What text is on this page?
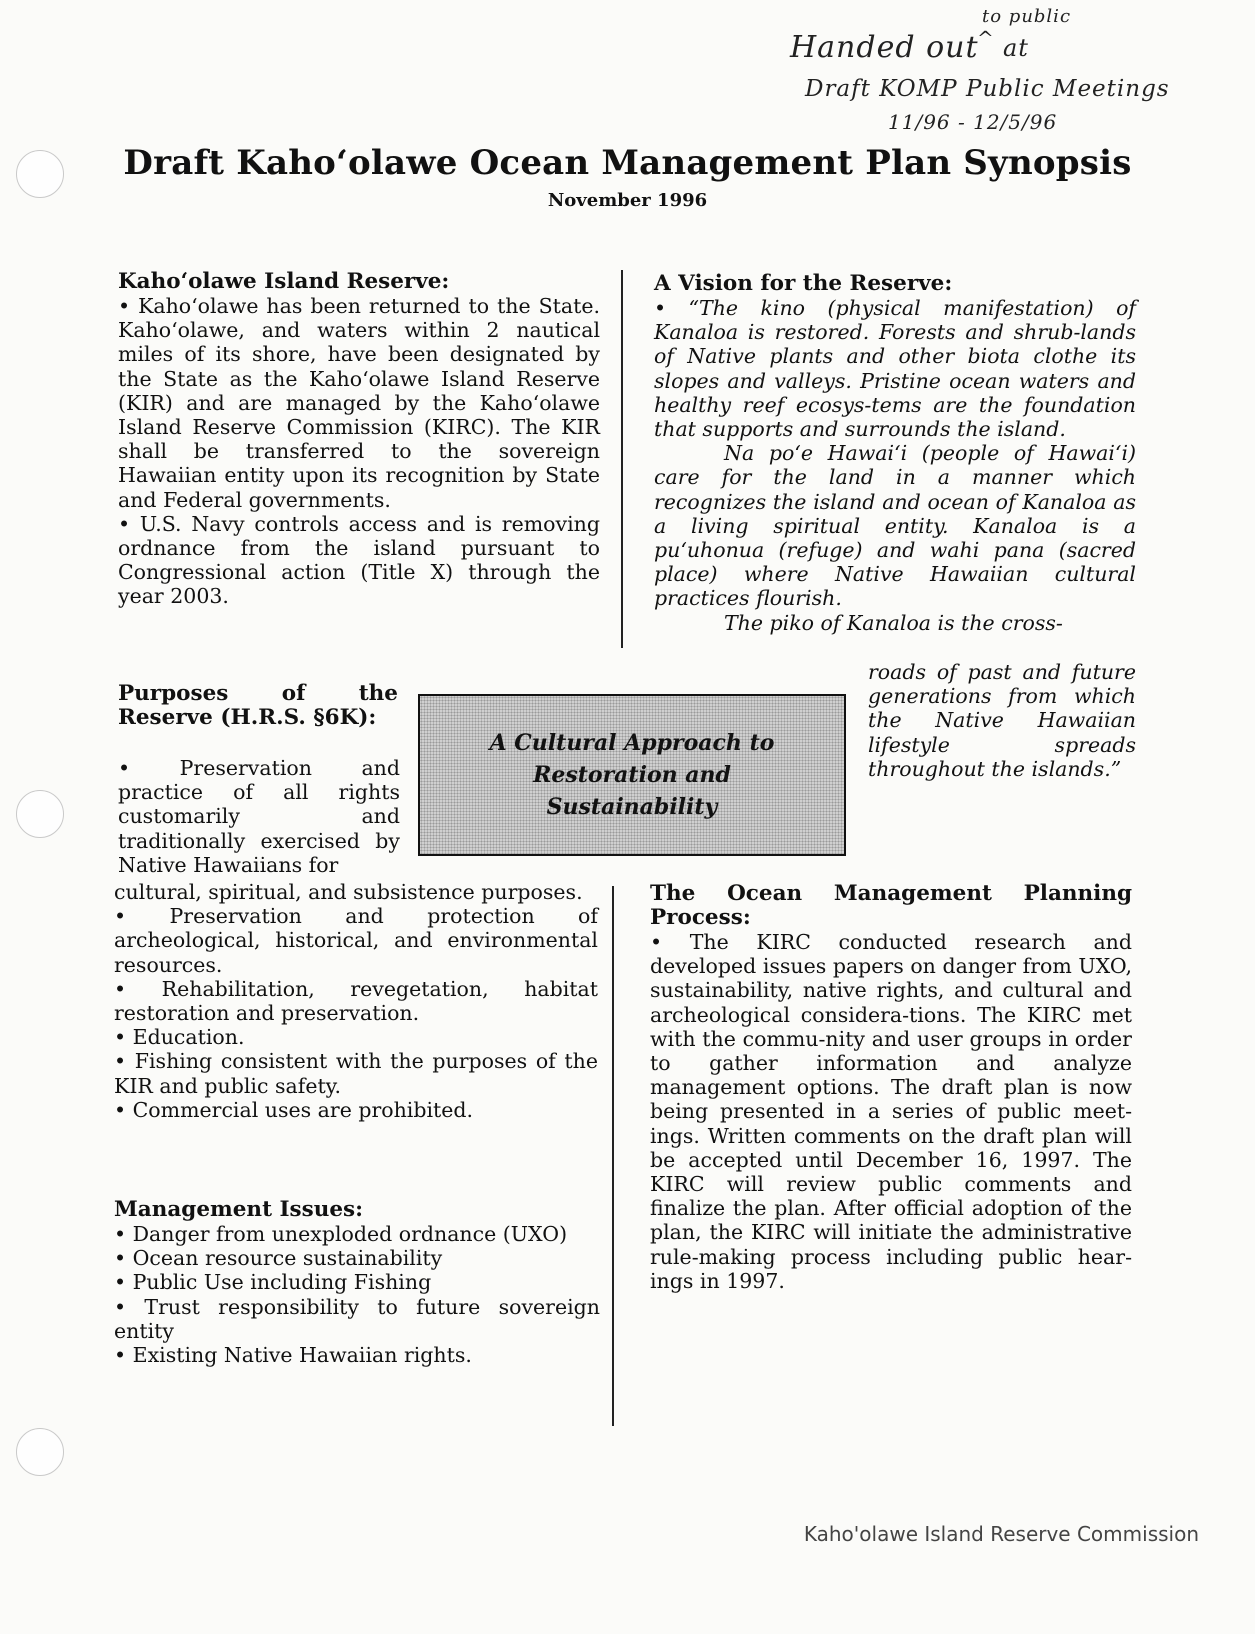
to public
^
Handed out at
Draft KOMP Public Meetings
11/96 - 12/5/96
Draft Kaho‘olawe Ocean Management Plan Synopsis
November 1996
Kaho‘olawe Island Reserve:

• Kaho‘olawe has been returned to the State. Kaho‘olawe, and waters within 2 nautical miles of its shore, have been designated by the State as the Kaho‘olawe Island Reserve (KIR) and are managed by the Kaho‘olawe Island Reserve Commission (KIRC). The KIR shall be transferred to the sovereign Hawaiian entity upon its recognition by State and Federal governments.

• U.S. Navy controls access and is removing ordnance from the island pursuant to Congressional action (Title X) through the year 2003.

Purposes of the Reserve (H.R.S. §6K):

• Preservation and practice of all rights customarily and traditionally exercised by Native Hawaiians for

A Cultural Approach to
Restoration and
Sustainability

cultural, spiritual, and subsistence purposes.

• Preservation and protection of archeological, historical, and environmental resources.

• Rehabilitation, revegetation, habitat restoration and preservation.

• Education.

• Fishing consistent with the purposes of the KIR and public safety.

• Commercial uses are prohibited.

Management Issues:

• Danger from unexploded ordnance (UXO)

• Ocean resource sustainability

• Public Use including Fishing

• Trust responsibility to future sovereign entity

• Existing Native Hawaiian rights.

A Vision for the Reserve:

• “The kino (physical manifestation) of Kanaloa is restored. Forests and shrub-lands of Native plants and other biota clothe its slopes and valleys. Pristine ocean waters and healthy reef ecosys-tems are the foundation that supports and surrounds the island.

Na po‘e Hawai‘i (people of Hawai‘i) care for the land in a manner which recognizes the island and ocean of Kanaloa as a living spiritual entity. Kanaloa is a pu‘uhonua (refuge) and wahi pana (sacred place) where Native Hawaiian cultural practices flourish.

The piko of Kanaloa is the cross-

roads of past and future generations from which the Native Hawaiian lifestyle spreads throughout the islands.”

The Ocean Management Planning Process:

• The KIRC conducted research and developed issues papers on danger from UXO, sustainability, native rights, and cultural and archeological considera-tions. The KIRC met with the commu-nity and user groups in order to gather information and analyze management options. The draft plan is now being presented in a series of public meet-ings. Written comments on the draft plan will be accepted until December 16, 1997. The KIRC will review public comments and finalize the plan. After official adoption of the plan, the KIRC will initiate the administrative rule-making process including public hear-ings in 1997.

Kaho'olawe Island Reserve Commission
